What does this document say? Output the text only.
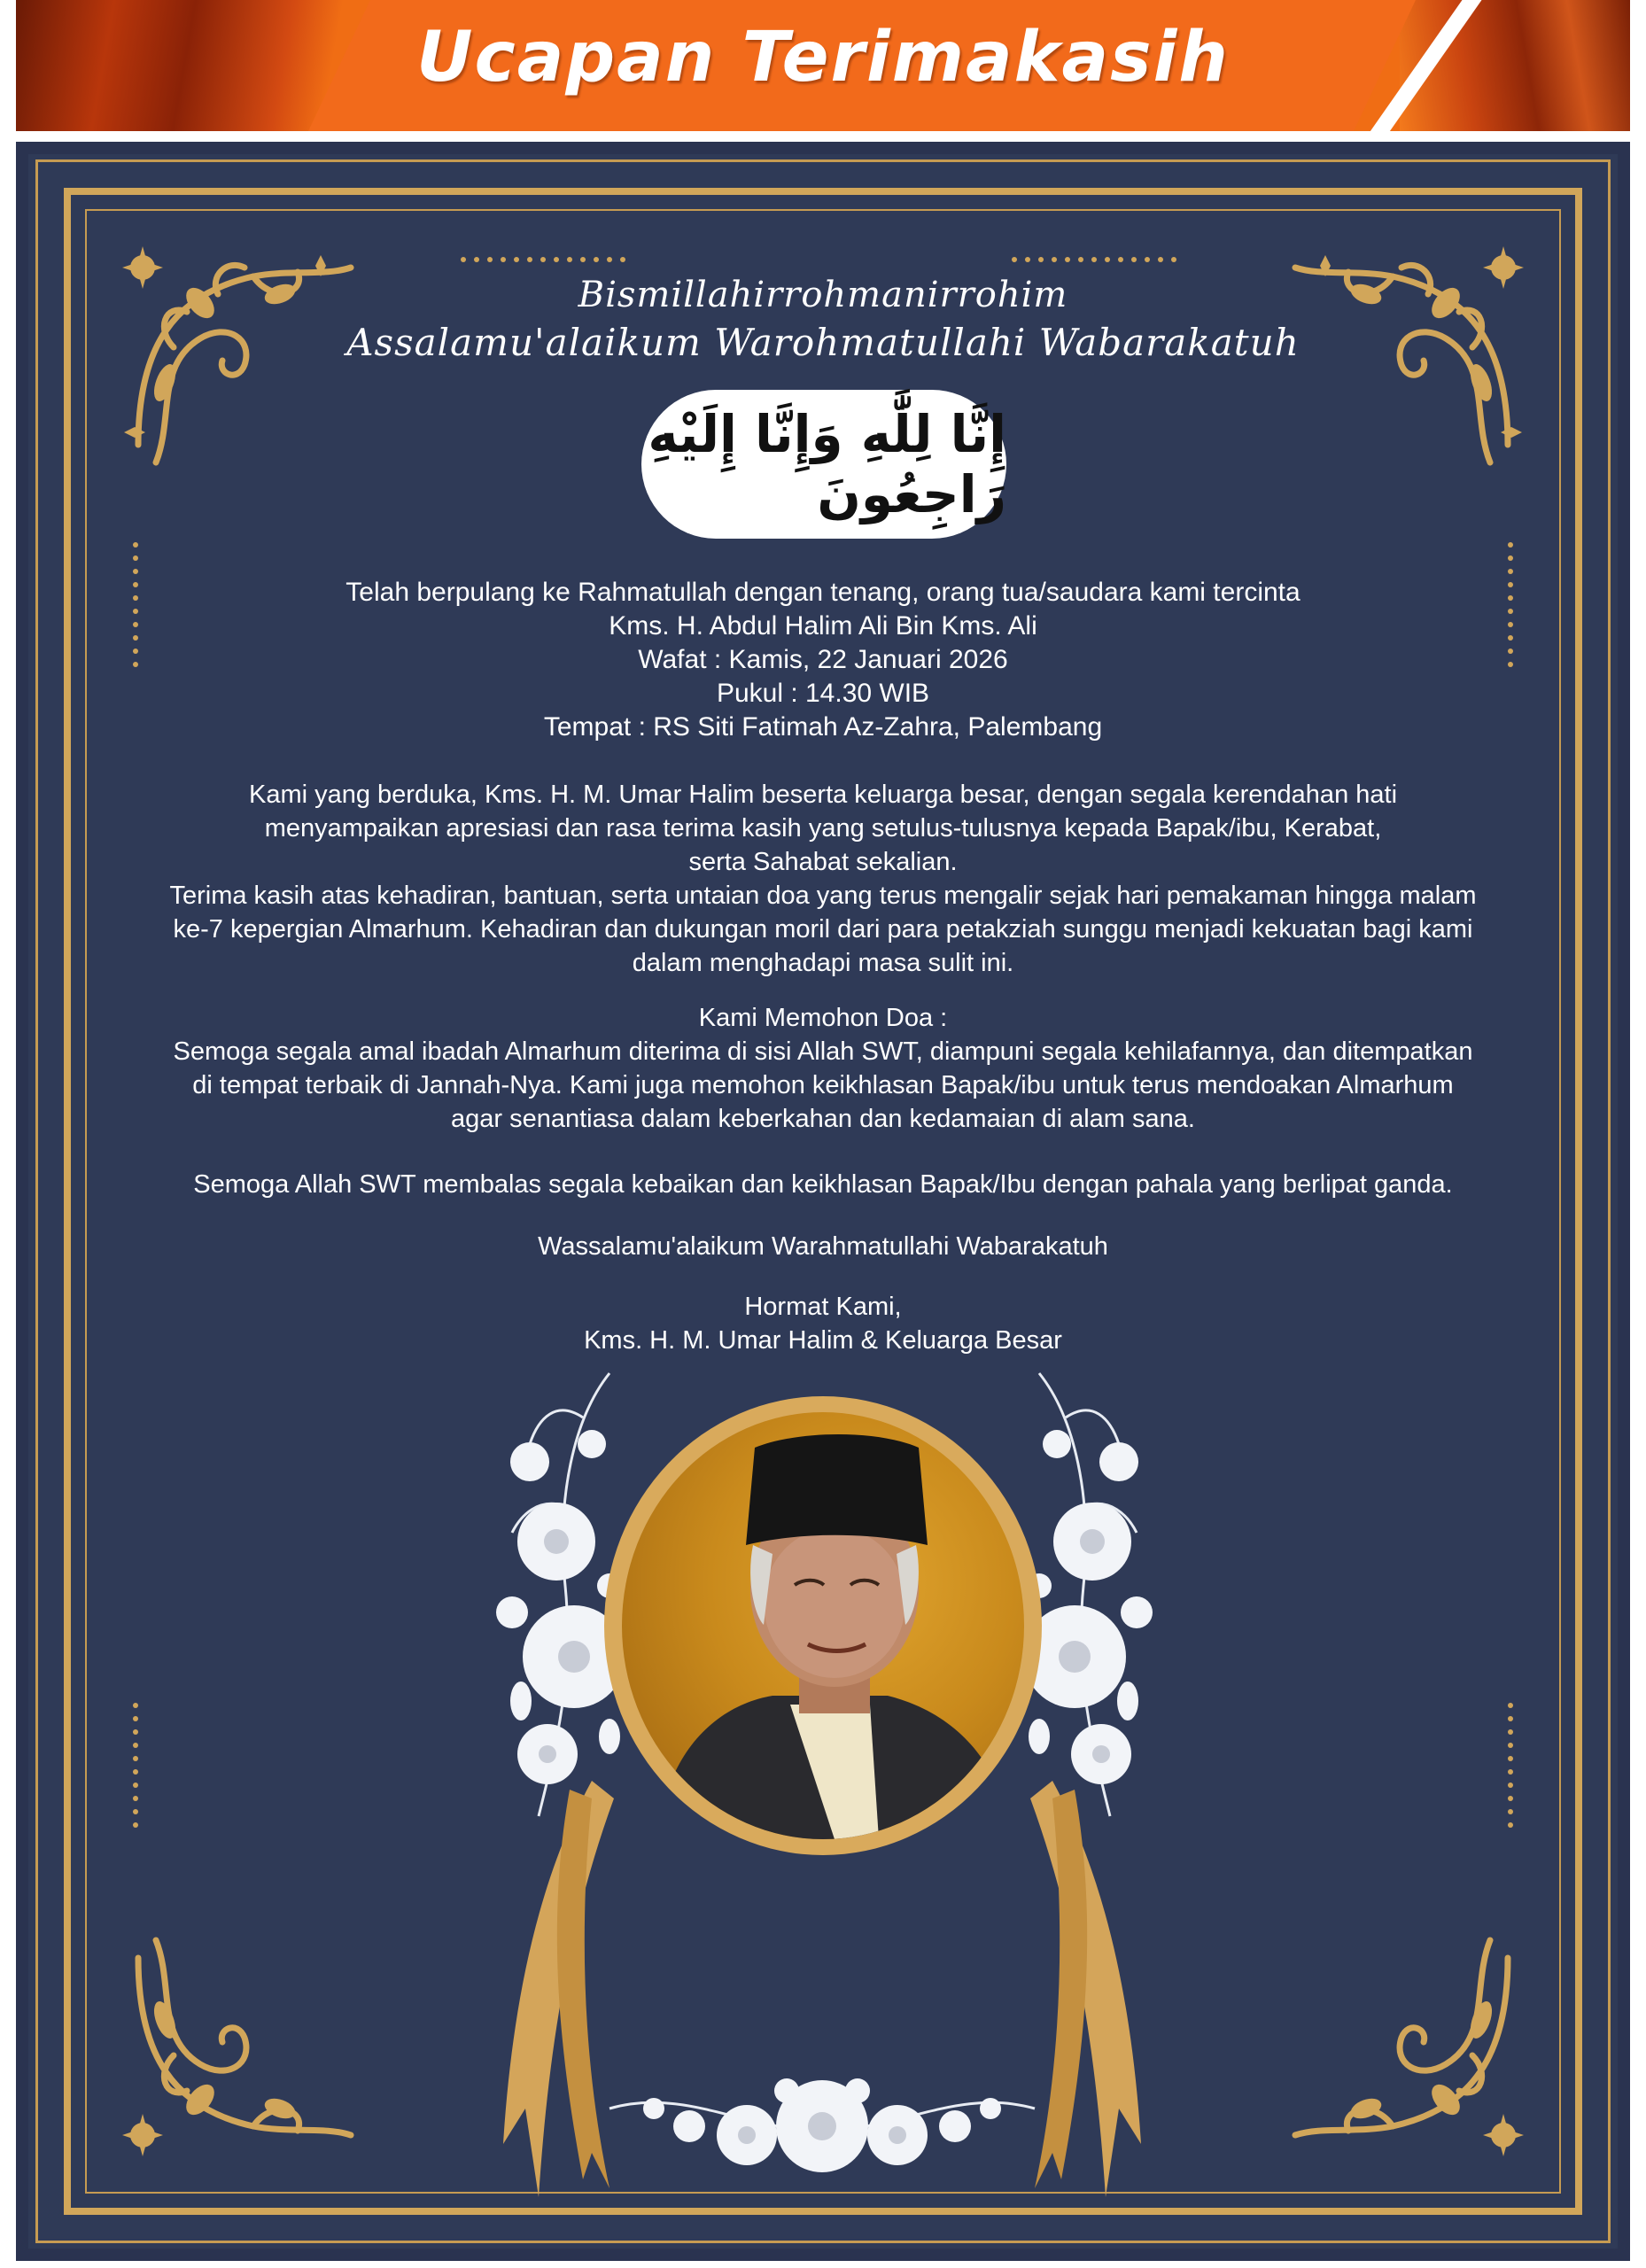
Ucapan Terimakasih
Bismillahirrohmanirrohim
Assalamu'alaikum Warohmatullahi Wabarakatuh
إِنَّا لِلَّٰهِ وَإِنَّا إِلَيْهِ رَاجِعُونَ

Telah berpulang ke Rahmatullah dengan tenang, orang tua/saudara kami tercinta

Kms. H. Abdul Halim Ali Bin Kms. Ali

Wafat : Kamis, 22 Januari 2026

Pukul : 14.30 WIB

Tempat : RS Siti Fatimah Az-Zahra, Palembang

Kami yang berduka, Kms. H. M. Umar Halim beserta keluarga besar, dengan segala kerendahan hati

menyampaikan apresiasi dan rasa terima kasih yang setulus-tulusnya kepada Bapak/ibu, Kerabat,

serta Sahabat sekalian.

Terima kasih atas kehadiran, bantuan, serta untaian doa yang terus mengalir sejak hari pemakaman hingga malam

ke-7 kepergian Almarhum. Kehadiran dan dukungan moril dari para petakziah sunggu menjadi kekuatan bagi kami

dalam menghadapi masa sulit ini.

Kami Memohon Doa :

Semoga segala amal ibadah Almarhum diterima di sisi Allah SWT, diampuni segala kehilafannya, dan ditempatkan

di tempat terbaik di Jannah-Nya. Kami juga memohon keikhlasan Bapak/ibu untuk terus mendoakan Almarhum

agar senantiasa dalam keberkahan dan kedamaian di alam sana.

Semoga Allah SWT membalas segala kebaikan dan keikhlasan Bapak/Ibu dengan pahala yang berlipat ganda.
Wassalamu'alaikum Warahmatullahi Wabarakatuh

Hormat Kami,

Kms. H. M. Umar Halim & Keluarga Besar
